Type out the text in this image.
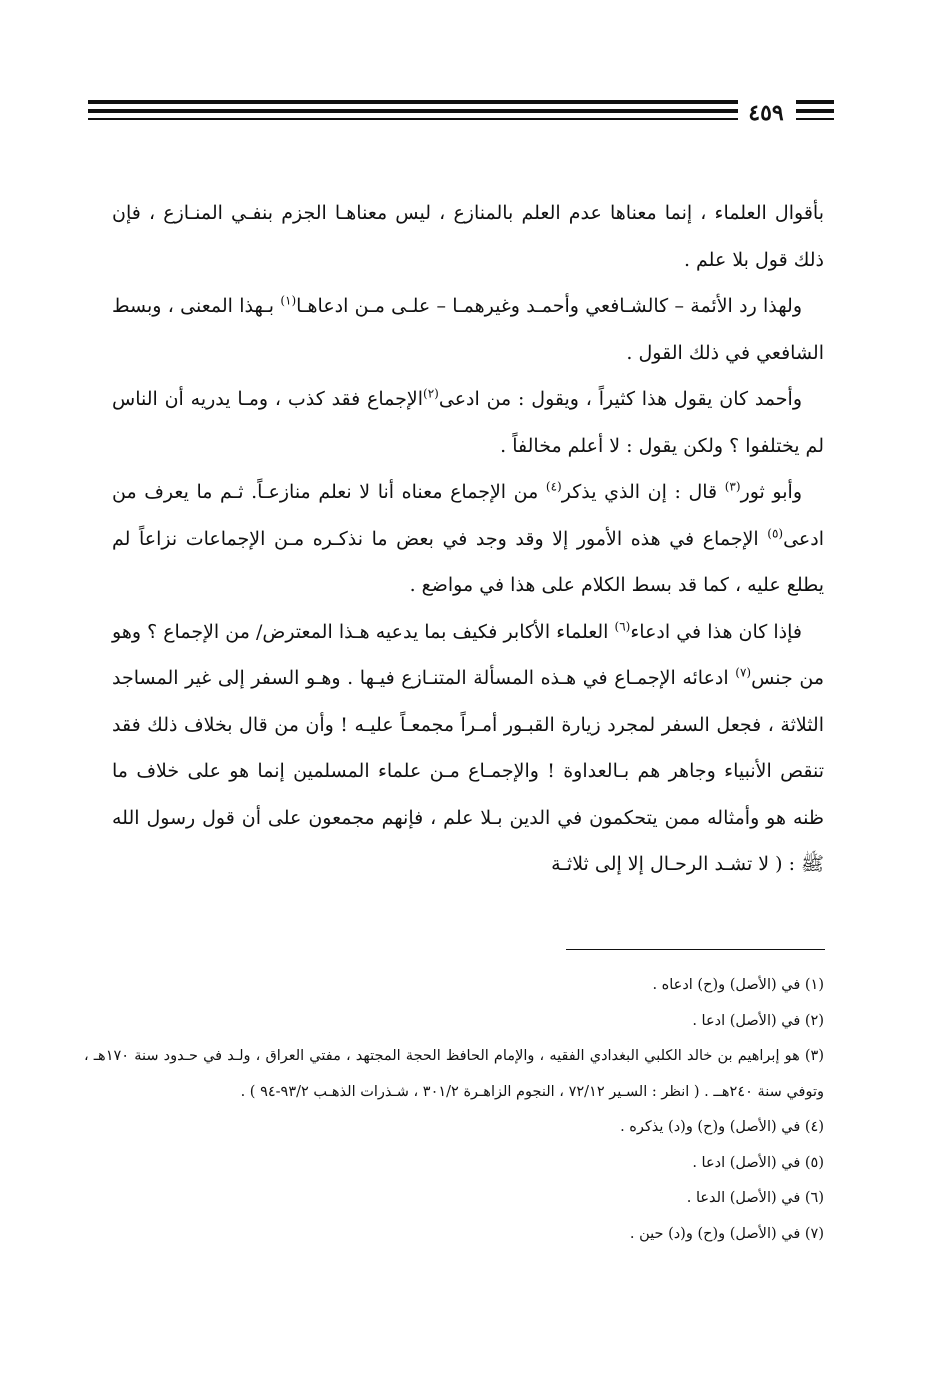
٤٥٩

بأقوال العلماء ، إنما معناها عدم العلم بالمنازع ، ليس معناهـا الجزم بنفـي المنـازع ، فإن ذلك قول بلا علم .

ولهذا رد الأئمة – كالشـافعي وأحمـد وغيرهمـا – علـى مـن ادعاهـا$^{(١)}$ بـهذا المعنى ، وبسط الشافعي في ذلك القول .

وأحمد كان يقول هذا كثيراً ، ويقول : من ادعى$^{(٢)}$الإجماع فقد كذب ، ومـا يدريه أن الناس لم يختلفوا ؟ ولكن يقول : لا أعلم مخالفاً .

وأبو ثور$^{(٣)}$ قال : إن الذي يذكر$^{(٤)}$ من الإجماع معناه أنا لا نعلم منازعـاً. ثـم ما يعرف من ادعى$^{(٥)}$ الإجماع في هذه الأمور إلا وقد وجد في بعض ما نذكـره مـن الإجماعات نزاعاً لم يطلع عليه ، كما قد بسط الكلام على هذا في مواضع .

فإذا كان هذا في ادعاء$^{(٦)}$ العلماء الأكابر فكيف بما يدعيه هـذا المعترض/ من الإجماع ؟ وهو من جنس$^{(٧)}$ ادعائه الإجمـاع في هـذه المسألة المتنـازع فيـها . وهـو السفر إلى غير المساجد الثلاثة ، فجعل السفر لمجرد زيارة القبـور أمـراً مجمعـاً عليـه ! وأن من قال بخلاف ذلك فقد تنقص الأنبياء وجاهر هم بـالعداوة ! والإجمـاع مـن علماء المسلمين إنما هو على خلاف ما ظنه هو وأمثاله ممن يتحكمون في الدين بـلا علم ، فإنهم مجمعون على أن قول رسول الله ﷺ : ( لا تشـد الرحـال إلا إلى ثلاثـة

(١) في (الأصل) و(ح) ادعاه .

(٢) في (الأصل) ادعا .

(٣) هو إبراهيم بن خالد الكلبي البغدادي الفقيه ، والإمام الحافظ الحجة المجتهد ، مفتي العراق ، ولـد في حـدود سنة ١٧٠هـ ، وتوفي سنة ٢٤٠هــ . ( انظر : السـير ٧٢/١٢ ، النجوم الزاهـرة ٣٠١/٢ ، شـذرات الذهـب ٩٣/٢-٩٤ ) .

(٤) في (الأصل) و(ح) و(د) يذكره .

(٥) في (الأصل) ادعا .

(٦) في (الأصل) الدعا .

(٧) في (الأصل) و(ح) و(د) حين .
